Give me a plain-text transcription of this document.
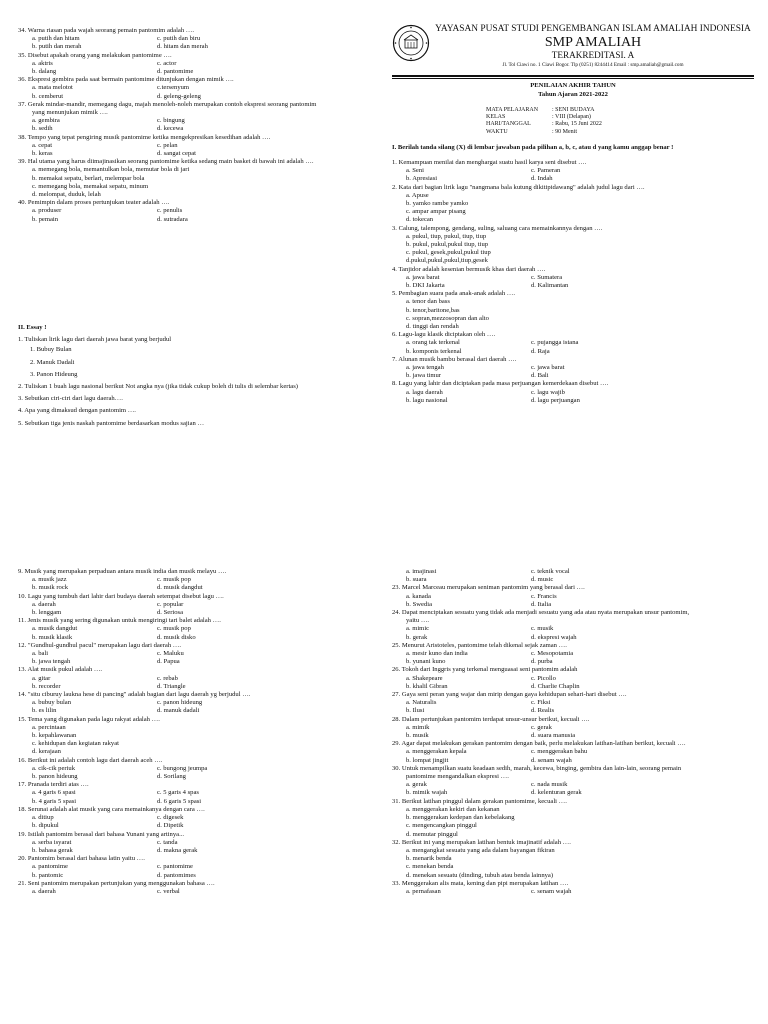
34. Warna riasan pada wajah seorang pemain pantomim adalah ….
a. putih dan hitam	c. putih dan biru
b. putih dan merah	d. hitam dan merah
35. Disebut apakah orang yang melakukan pantomime ….
a. aktris	c. actor
b. dalang	d. pantomime
36. Ekspresi gembira pada saat bermain pantomime ditunjukan dengan mimik ….
a. mata melotot	c.tersenyum
b. cemberut	d. geleng-geleng
37. Gerak mindar-mandir, memegang dagu, majah menoleh-noleh merupakan contoh ekspresi seorang pantomim
yang menunjukan mimik ….
a. gembira	c. bingung
b. sedih	d. kecewa
38. Tempo yang tepat pengiring musik pantomime ketika mengekpresikan kesedihan adalah ….
a. cepat	c. pelan
b. keras	d. sangat cepat
39. Hal utama yang harus diimajinasikan seorang pantomime ketika sedang main basket di bawah ini adalah ….
a. memegang bola, memantulkan bola, memutar bola di jari
b. memakai sepatu, berlari, melempar bola
c. memegang bola, memakai sepatu, minum
d. melompat, duduk, lelah
40. Pemimpin dalam proses pertunjukan teater adalah ….
a. produser	c. penulis
b. pemain	d. sutradara
II. Essay !
1. Tuliskan lirik lagu dari daerah jawa barat yang berjudul
1. Bubuy Bulan
2. Manuk Dadali
3. Panon Hideung
2. Tuliskan 1 buah lagu nasional berikut Not angka nya (jika tidak cukup boleh di tulis di selembar kertas)
3. Sebutkan ciri-ciri dari lagu daerah….
4. Apa yang dimaksud dengan pantomim ….
5. Sebutkan tiga jenis naskah pantomime berdasarkan modus sajian …
YAYASAN PUSAT STUDI PENGEMBANGAN ISLAM AMALIAH INDONESIA
SMP AMALIAH
TERAKREDITASI. A
Jl. Tol Ciawi no. 1 Ciawi Bogor. Tlp (0251) 8244414 Email : smp.amaliah@gmail.com
PENILAIAN AKHIR TAHUN
Tahun Ajaran 2021-2022
MATA PELAJARAN	: SENI BUDAYA
KELAS	: VIII (Delapan)
HARI/TANGGAL	: Rabu, 15 Juni 2022
WAKTU	: 90 Menit
I. Berilah tanda silang (X) di lembar jawaban pada pilihan a, b, c, atau d yang kamu anggap benar !
1. Kemampuan menilai dan menghargai suatu hasil karya seni disebut ….
a. Seni	c. Pameran
b. Apresiasi	d. Indah
2. Kata dari bagian lirik lagu "nangmana bala kutung dikitipidawang" adalah judul lagu dari ….
a. Apuse
b. yamko rambe yamko
c. ampar ampar pisang
d. tokecan
3. Calung, talempong, gendang, suling, saluang cara memainkannya dengan ….
a. pukul, tiup, pukul, tiup, tiup
b. pukul, pukul,pukul tiup, tiup
c. pukul, gesek,pukul,pukul tiup
d.pukul,pukul,pukul,tiup,gesek
4. Tanjidor adalah kesenian bermusik khas dari daerah ….
a. jawa barat	c. Sumatera
b. DKI Jakarta	d. Kalimantan
5. Pembagian suara pada anak-anak adalah ….
a. tenor dan bass
b. tenor,baritone,bas
c. sopran,mezzosopran dan alto
d. tinggi dan rendah
6. Lagu-lagu klasik diciptakan oleh ….
a. orang tak terkenal	c. pujangga istana
b. komponis terkenal	d. Raja
7. Alunan musik bambu berasal dari daerah ….
a. jawa tengah	c. jawa barat
b. jawa timur	d. Bali
8. Lagu yang lahir dan diciptakan pada masa perjuangan kemerdekaan disebut ….
a. lagu daerah	c. lagu wajib
b. lagu nasional	d. lagu perjuangan
9. Musik yang merupakan perpaduan antara musik india dan musik melayu ….
a. musik jazz	c. musik pop
b. musik rock	d. musik dangdut
10. Lagu yang tumbuh dari lahir dari budaya daerah setempat disebut lagu ….
a. daerah	c. popular
b. lenggam	d. Seriosa
11. Jenis musik yang sering digunakan untuk mengiringi tari balet adalah ….
a. musik dangdut	c. musik pop
b. musik klasik	d. musik disko
12. "Gundhul-gundhul pacul" merupakan lagu dari daerah ….
a. bali	c. Maluku
b. jawa tengah	d. Papua
13. Alat musik pukul adalah ….
a. gitar	c. rebab
b. recorder	d. Triangle
14. "situ ciburuy laukna hese di pancing" adalah bagian dari lagu daerah yg berjudul ….
a. bubuy bulan	c. panon hideung
b. es lilin	d. manuk dadali
15. Tema yang digunakan pada lagu rakyat adalah ….
a. percintaan
b. kepahlawanan
c. kehidupan dan kegiatan rakyat
d. kerajaan
16. Berikut ini adalah contoh lagu dari daerah aceh ….
a. cik-cik periuk	c. bungong jeumpa
b. panon hideung	d. Sorilang
17. Pranada terdiri atas ….
a. 4 garis 6 spasi	c. 5 garis 4 spas
b. 4 garis 5 spasi	d. 6 garis 5 spasi
18. Serunai adalah alat musik yang cara memainkanya dengan cara ….
a. ditiup	c. digesek
b. dipukul	d. Dipetik
19. Istilah pantomim berasal dari bahasa Yunani yang artinya...
a. serba isyarat	c. tanda
b. bahasa gerak	d. makna gerak
20. Pantomim berasal dari bahasa latin yaitu ….
a. pantomime	c. pantomime
b. pantomic	d. pantomimes
21. Seni pantomim merupakan pertunjukan yang menggunakan bahasa ….
a. daerah	c. verbal
a. imajinasi	c. teknik vocal
b. suara	d. music
23. Marcel Marceau merupakan seniman pantomim yang berasal dari ….
a. kanada	c. Francis
b. Swedia	d. Italia
24. Dapat menciptakan sesuatu yang tidak ada menjadi sesuatu yang ada atau nyata merupakan unsur pantomim,
yaitu ….
a. mimic	c. musik
b. gerak	d. ekspresi wajah
25. Menurut Aristoteles, pantomime telah dikenal sejak zaman ….
a. mesir kuno dan india	c. Mesopotamia
b. yunani kuno	d. purba
26. Tokoh dari Inggris yang terkenal menguasai seni pantomim adalah
a. Shakepeare	c. Picollo
b. khalil Gibran	d. Charlie Chaplin
27. Gaya seni peran yang wajar dan mirip dengan gaya kehidupan sehari-hari disebut ….
a. Naturalis	c. Fiksi
b. Ilusi	d. Realis
28. Dalam pertunjukan pantomim terdapat unsur-unsur berikut, kecuali ….
a. mimik	c. gerak
b. musik	d. suara manusia
29. Agar dapat melakukan gerakan pantomim dengan baik, perlu melakukan latihan-latihan berikut, kecuali ….
a. menggerakan kepala	c. menggerakan bahu
b. lompat jingjit	d. senam wajah
30. Untuk menampilkan suatu keadaan sedih, marah, kecewa, binging, gembira dan lain-lain, seorang pemain
pantomime mengandalkan ekspresi ….
a. gerak	c. nada musik
b. mimik wajah	d. kelenturan gerak
31. Berikut latihan pinggul dalam gerakan pantomime, kecuali ….
a. menggerakan kekiri dan kekanan
b. menggerakan kedepan dan kebelakang
c. mengencangkan pinggul
d. memutar pinggul
32. Berikut ini yang merupakan latihan bentuk imajinatif adalah ….
a. mengangkat sesuatu yang ada dalam bayangan fikiran
b. menarik benda
c. menekan benda
d. menekan sesuatu (dinding, tubuh atau benda lainnya)
33. Menggerakan alis mata, kening dan pipi merupakan latihan ….
a. pernafasan	c. senam wajah
